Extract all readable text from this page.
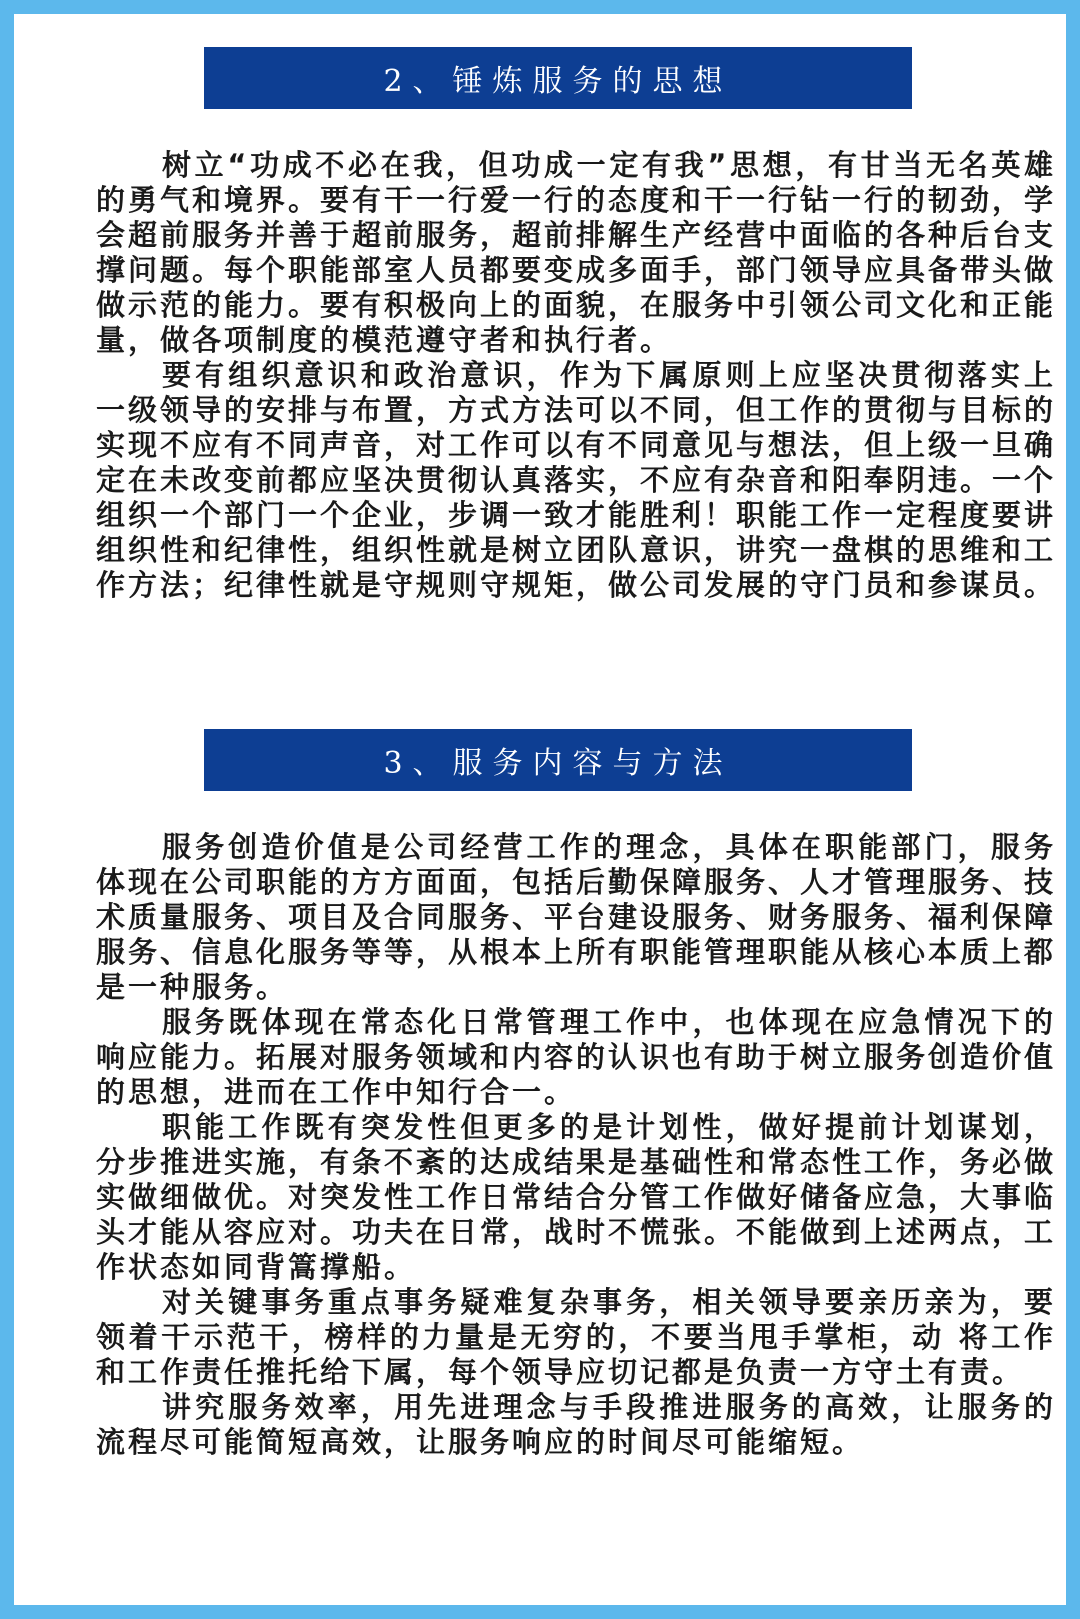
2、锤炼服务的思想

树立“功成不必在我，但功成一定有我”思想，有甘当无名英雄的勇气和境界。要有干一行爱一行的态度和干一行钻一行的韧劲，学会超前服务并善于超前服务，超前排解生产经营中面临的各种后台支撑问题。每个职能部室人员都要变成多面手，部门领导应具备带头做做示范的能力。要有积极向上的面貌，在服务中引领公司文化和正能量，做各项制度的模范遵守者和执行者。

要有组织意识和政治意识，作为下属原则上应坚决贯彻落实上一级领导的安排与布置，方式方法可以不同，但工作的贯彻与目标的实现不应有不同声音，对工作可以有不同意见与想法，但上级一旦确定在未改变前都应坚决贯彻认真落实，不应有杂音和阳奉阴违。一个组织一个部门一个企业，步调一致才能胜利！职能工作一定程度要讲组织性和纪律性，组织性就是树立团队意识，讲究一盘棋的思维和工作方法；纪律性就是守规则守规矩，做公司发展的守门员和参谋员。

3、服务内容与方法

服务创造价值是公司经营工作的理念，具体在职能部门，服务体现在公司职能的方方面面，包括后勤保障服务、人才管理服务、技术质量服务、项目及合同服务、平台建设服务、财务服务、福利保障服务、信息化服务等等，从根本上所有职能管理职能从核心本质上都是一种服务。

服务既体现在常态化日常管理工作中，也体现在应急情况下的响应能力。拓展对服务领域和内容的认识也有助于树立服务创造价值的思想，进而在工作中知行合一。

职能工作既有突发性但更多的是计划性，做好提前计划谋划，分步推进实施，有条不紊的达成结果是基础性和常态性工作，务必做实做细做优。对突发性工作日常结合分管工作做好储备应急，大事临头才能从容应对。功夫在日常，战时不慌张。不能做到上述两点，工作状态如同背篙撑船。

对关键事务重点事务疑难复杂事务，相关领导要亲历亲为，要领着干示范干，榜样的力量是无穷的，不要当甩手掌柜，动 将工作和工作责任推托给下属，每个领导应切记都是负责一方守土有责。

讲究服务效率，用先进理念与手段推进服务的高效，让服务的流程尽可能简短高效，让服务响应的时间尽可能缩短。
